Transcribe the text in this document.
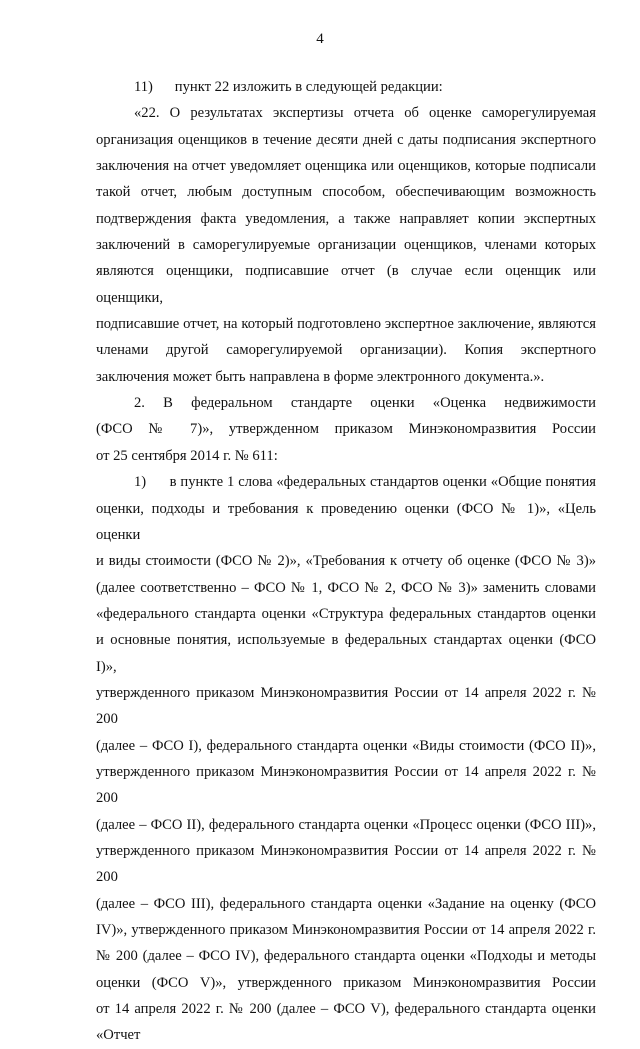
4
11)      пункт 22 изложить в следующей редакции:
«22. О результатах экспертизы отчета об оценке саморегулируемая
организация оценщиков в течение десяти дней с даты подписания экспертного
заключения на отчет уведомляет оценщика или оценщиков, которые подписали
такой отчет, любым доступным способом, обеспечивающим возможность
подтверждения факта уведомления, а также направляет копии экспертных
заключений в саморегулируемые организации оценщиков, членами которых
являются оценщики, подписавшие отчет (в случае если оценщик или оценщики,
подписавшие отчет, на который подготовлено экспертное заключение, являются
членами другой саморегулируемой организации). Копия экспертного
заключения может быть направлена в форме электронного документа.».
2. В федеральном стандарте оценки «Оценка недвижимости
(ФСО № 7)», утвержденном приказом Минэкономразвития России
от 25 сентября 2014 г. № 611:
1)      в пункте 1 слова «федеральных стандартов оценки «Общие понятия
оценки, подходы и требования к проведению оценки (ФСО № 1)», «Цель оценки
и виды стоимости (ФСО № 2)», «Требования к отчету об оценке (ФСО № 3)»
(далее соответственно – ФСО № 1, ФСО № 2, ФСО № 3)» заменить словами
«федерального стандарта оценки «Структура федеральных стандартов оценки
и основные понятия, используемые в федеральных стандартах оценки (ФСО I)»,
утвержденного приказом Минэкономразвития России от 14 апреля 2022 г. № 200
(далее – ФСО I), федерального стандарта оценки «Виды стоимости (ФСО II)»,
утвержденного приказом Минэкономразвития России от 14 апреля 2022 г. № 200
(далее – ФСО II), федерального стандарта оценки «Процесс оценки (ФСО III)»,
утвержденного приказом Минэкономразвития России от 14 апреля 2022 г. № 200
(далее – ФСО III), федерального стандарта оценки «Задание на оценку (ФСО
IV)», утвержденного приказом Минэкономразвития России от 14 апреля 2022 г.
№ 200 (далее – ФСО IV), федерального стандарта оценки «Подходы и методы
оценки (ФСО V)», утвержденного приказом Минэкономразвития России
от 14 апреля 2022 г. № 200 (далее – ФСО V), федерального стандарта оценки «Отчет
